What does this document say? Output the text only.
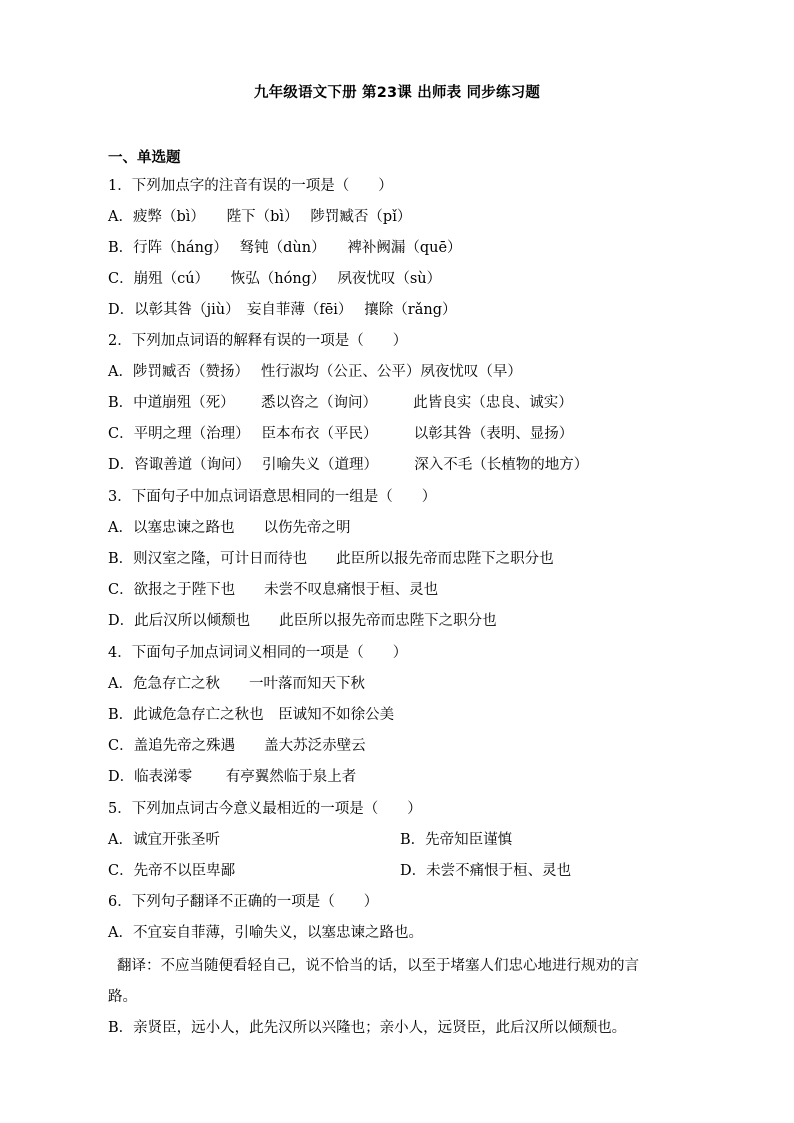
九年级语文下册 第23课 出师表 同步练习题
一、单选题
1．下列加点字的注音有误的一项是（　　）
A．疲弊（bì）　　陛下（bì）　 陟罚臧否（pǐ）
B．行阵（háng）　 驽钝（dùn）　　裨补阙漏（quē）
C．崩殂（cú）　　恢弘（hóng）　 夙夜忧叹（sù）
D．以彰其咎（jiù）　妄自菲薄（fēi）　 攘除（rǎng）
2．下列加点词语的解释有误的一项是（　　）
A．陟罚臧否（赞扬）　 性行淑均（公正、公平）夙夜忧叹（早）
B．中道崩殂（死）　　 悉以咨之（询问）　　　此皆良实（忠良、诚实）
C．平明之理（治理）　 臣本布衣（平民）　　　以彰其咎（表明、显扬）
D．咨诹善道（询问）　 引喻失义（道理）　　　深入不毛（长植物的地方）
3．下面句子中加点词语意思相同的一组是（　　）
A．以塞忠谏之路也　　以伤先帝之明
B．则汉室之隆，可计日而待也　　此臣所以报先帝而忠陛下之职分也
C．欲报之于陛下也　　未尝不叹息痛恨于桓、灵也
D．此后汉所以倾颓也　　此臣所以报先帝而忠陛下之职分也
4．下面句子加点词词义相同的一项是（　　）
A．危急存亡之秋　　一叶落而知天下秋
B．此诚危急存亡之秋也　臣诚知不如徐公美
C．盖追先帝之殊遇　　盖大苏泛赤壁云
D．临表涕零　　 有亭翼然临于泉上者
5．下列加点词古今意义最相近的一项是（　　）
A．诚宜开张圣听	B．先帝知臣谨慎
C．先帝不以臣卑鄙	D．未尝不痛恨于桓、灵也
6．下列句子翻译不正确的一项是（　　）
A．不宜妄自菲薄，引喻失义，以塞忠谏之路也。
翻译：不应当随便看轻自己，说不恰当的话，以至于堵塞人们忠心地进行规劝的言
路。
B．亲贤臣，远小人，此先汉所以兴隆也；亲小人，远贤臣，此后汉所以倾颓也。
